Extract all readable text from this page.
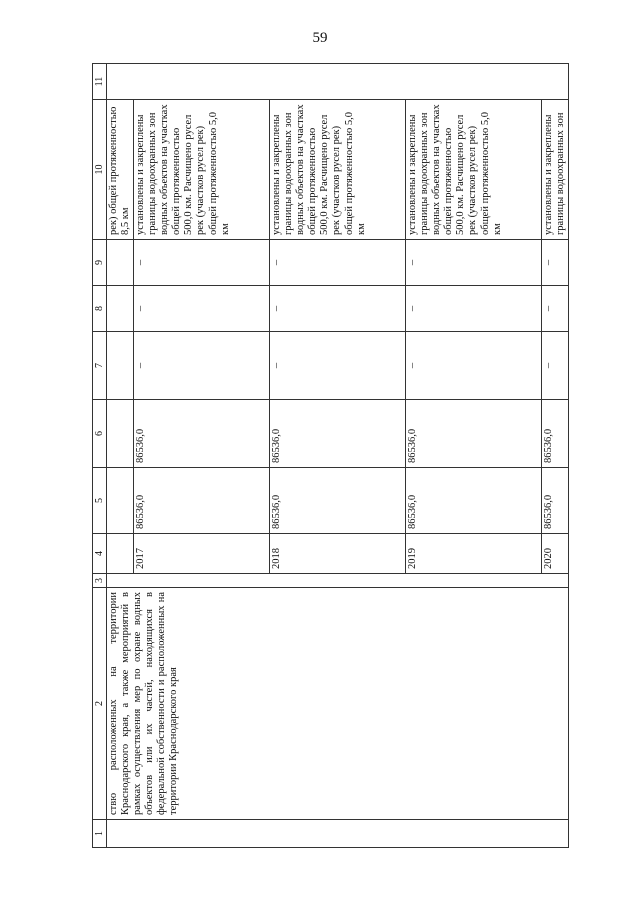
59
1	2	3	4	5	6	7	8	9	10	11
	ствю расположенных на территории Краснодарского края, а также мероприятий в рамках осуществления мер по охране водных объектов или их частей, находящихся в федеральной собственности и расположенных на территории Краснодарского края								рек) общей протяженностью 8,5 км	
			2017	86536,0	86536,0	–	–	–	установлены и закреплены границы водоохранных зон водных объектов на участках общей протяженностью 500,0 км. Расчищено русел рек (участков русел рек) общей протяженностью 5,0 км	
			2018	86536,0	86536,0	–	–	–	установлены и закреплены границы водоохранных зон водных объектов на участках общей протяженностью 500,0 км. Расчищено русел рек (участков русел рек) общей протяженностью 5,0 км	
			2019	86536,0	86536,0	–	–	–	установлены и закреплены границы водоохранных зон водных объектов на участках общей протяженностью 500,0 км. Расчищено русел рек (участков русел рек) общей протяженностью 5,0 км	
			2020	86536,0	86536,0	–	–	–	установлены и закреплены границы водоохранных зон	
